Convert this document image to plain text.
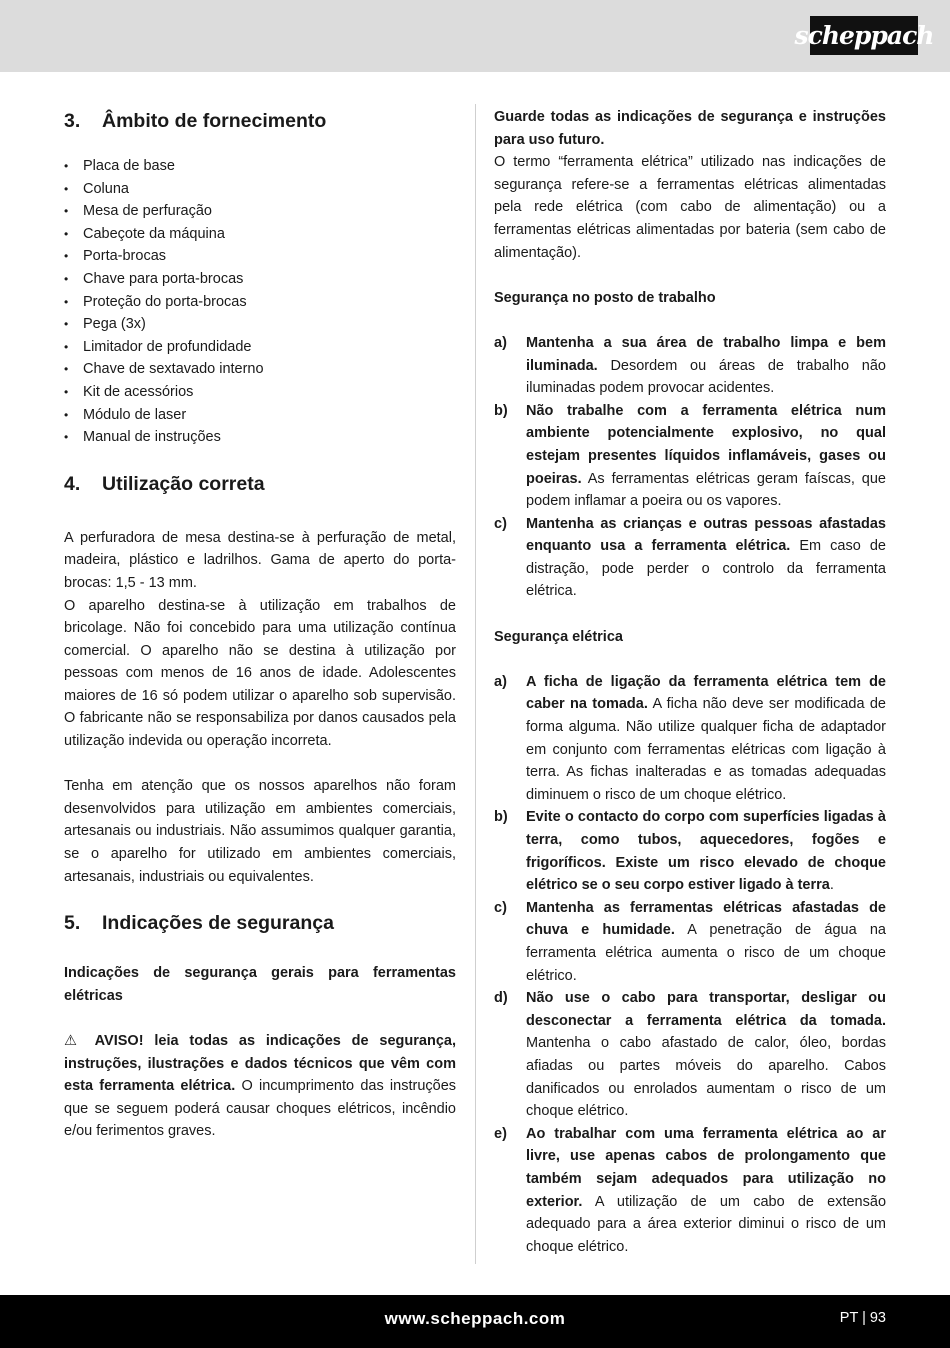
scheppach
3.	Âmbito de fornecimento
• Placa de base
• Coluna
• Mesa de perfuração
• Cabeçote da máquina
• Porta-brocas
• Chave para porta-brocas
• Proteção do porta-brocas
• Pega (3x)
• Limitador de profundidade
• Chave de sextavado interno
• Kit de acessórios
• Módulo de laser
• Manual de instruções
4.	Utilização correta

A perfuradora de mesa destina-se à perfuração de metal, madeira, plástico e ladrilhos. Gama de aperto do porta-brocas: 1,5 - 13 mm.

O aparelho destina-se à utilização em trabalhos de bricolage. Não foi concebido para uma utilização contínua comercial. O aparelho não se destina à utilização por pessoas com menos de 16 anos de idade. Adolescentes maiores de 16 só podem utilizar o aparelho sob supervisão. O fabricante não se responsabiliza por danos causados pela utilização indevida ou operação incorreta.

Tenha em atenção que os nossos aparelhos não foram desenvolvidos para utilização em ambientes comerciais, artesanais ou industriais. Não assumimos qualquer garantia, se o aparelho for utilizado em ambientes comerciais, artesanais, industriais ou equivalentes.

5.	Indicações de segurança

Indicações de segurança gerais para ferramentas elétricas

⚠ AVISO! leia todas as indicações de segurança, instruções, ilustrações e dados técnicos que vêm com esta ferramenta elétrica. O incumprimento das instruções que se seguem poderá causar choques elétricos, incêndio e/ou ferimentos graves.

Guarde todas as indicações de segurança e instruções para uso futuro.

O termo “ferramenta elétrica” utilizado nas indicações de segurança refere-se a ferramentas elétricas alimentadas pela rede elétrica (com cabo de alimentação) ou a ferramentas elétricas alimentadas por bateria (sem cabo de alimentação).

Segurança no posto de trabalho

a)	Mantenha a sua área de trabalho limpa e bem iluminada. Desordem ou áreas de trabalho não iluminadas podem provocar acidentes.
b)	Não trabalhe com a ferramenta elétrica num ambiente potencialmente explosivo, no qual estejam presentes líquidos inflamáveis, gases ou poeiras. As ferramentas elétricas geram faíscas, que podem inflamar a poeira ou os vapores.
c)	Mantenha as crianças e outras pessoas afastadas enquanto usa a ferramenta elétrica. Em caso de distração, pode perder o controlo da ferramenta elétrica.

Segurança elétrica

a)	A ficha de ligação da ferramenta elétrica tem de caber na tomada. A ficha não deve ser modificada de forma alguma. Não utilize qualquer ficha de adaptador em conjunto com ferramentas elétricas com ligação à terra. As fichas inalteradas e as tomadas adequadas diminuem o risco de um choque elétrico.
b)	Evite o contacto do corpo com superfícies ligadas à terra, como tubos, aquecedores, fogões e frigoríficos. Existe um risco elevado de choque elétrico se o seu corpo estiver ligado à terra.
c)	Mantenha as ferramentas elétricas afastadas de chuva e humidade. A penetração de água na ferramenta elétrica aumenta o risco de um choque elétrico.
d)	Não use o cabo para transportar, desligar ou desconectar a ferramenta elétrica da tomada. Mantenha o cabo afastado de calor, óleo, bordas afiadas ou partes móveis do aparelho. Cabos danificados ou enrolados aumentam o risco de um choque elétrico.
e)	Ao trabalhar com uma ferramenta elétrica ao ar livre, use apenas cabos de prolongamento que também sejam adequados para utilização no exterior. A utilização de um cabo de extensão adequado para a área exterior diminui o risco de um choque elétrico.
www.scheppach.com	PT | 93
